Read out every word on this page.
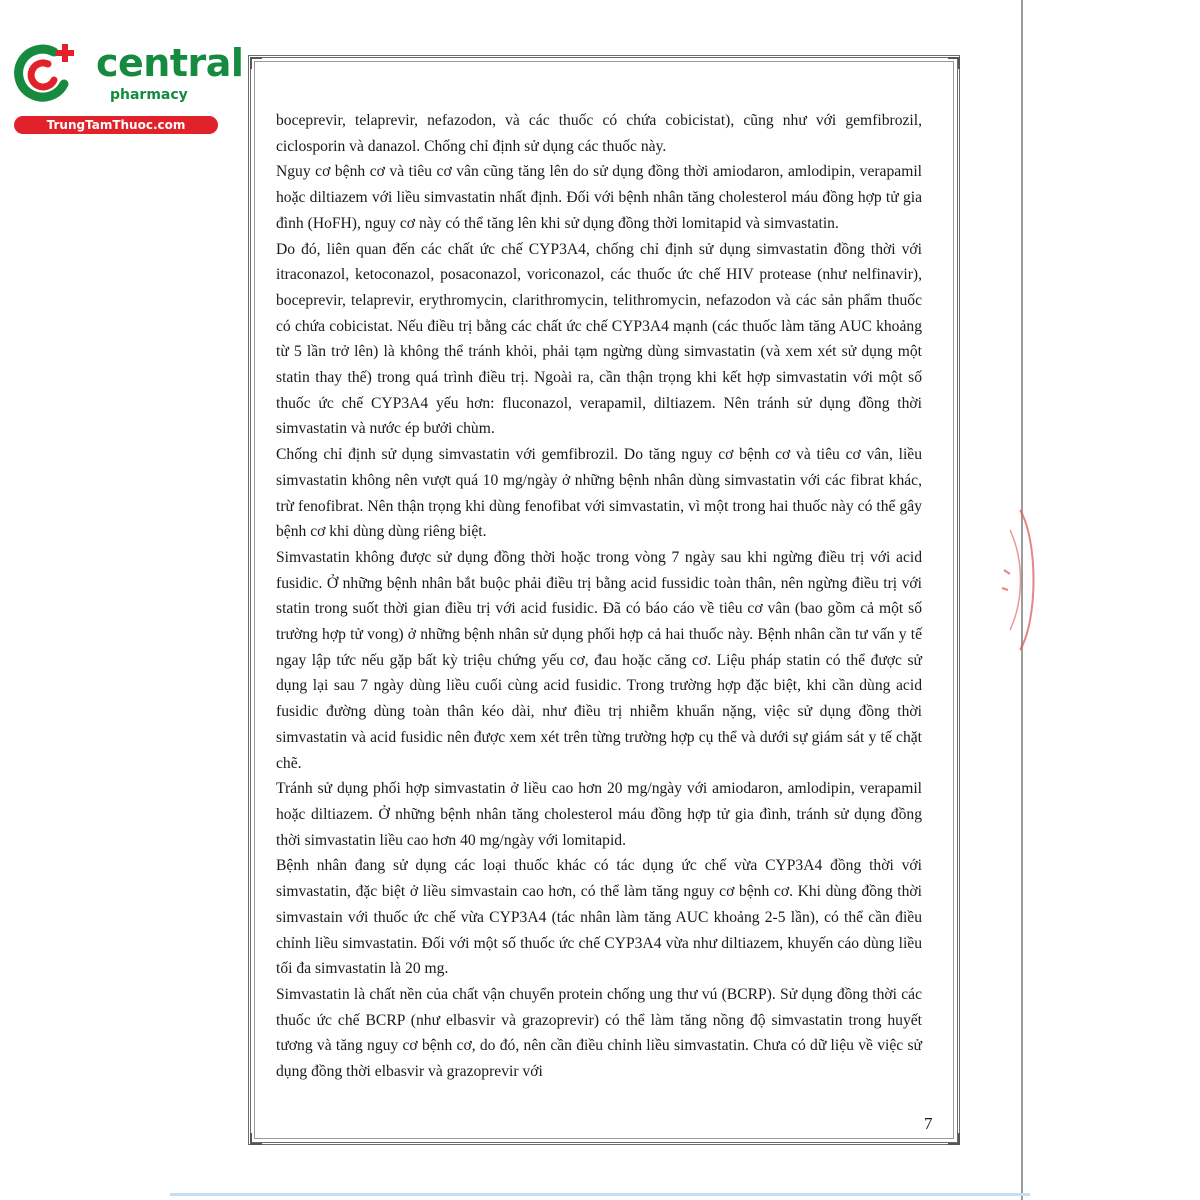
central
pharmacy
TrungTamThuoc.com	boceprevir, telaprevir, nefazodon, và các thuốc có chứa cobicistat), cũng như với gemfibrozil, ciclosporin và danazol. Chống chỉ định sử dụng các thuốc này.

Nguy cơ bệnh cơ và tiêu cơ vân cũng tăng lên do sử dụng đồng thời amiodaron, amlodipin, verapamil hoặc diltiazem với liều simvastatin nhất định. Đối với bệnh nhân tăng cholesterol máu đồng hợp tử gia đình (HoFH), nguy cơ này có thể tăng lên khi sử dụng đồng thời lomitapid và simvastatin.

Do đó, liên quan đến các chất ức chế CYP3A4, chống chỉ định sử dụng simvastatin đồng thời với itraconazol, ketoconazol, posaconazol, voriconazol, các thuốc ức chế HIV protease (như nelfinavir), boceprevir, telaprevir, erythromycin, clarithromycin, telithromycin, nefazodon và các sản phẩm thuốc có chứa cobicistat. Nếu điều trị bằng các chất ức chế CYP3A4 mạnh (các thuốc làm tăng AUC khoảng từ 5 lần trở lên) là không thể tránh khỏi, phải tạm ngừng dùng simvastatin (và xem xét sử dụng một statin thay thế) trong quá trình điều trị. Ngoài ra, cần thận trọng khi kết hợp simvastatin với một số thuốc ức chế CYP3A4 yếu hơn: fluconazol, verapamil, diltiazem. Nên tránh sử dụng đồng thời simvastatin và nước ép bưởi chùm.

Chống chỉ định sử dụng simvastatin với gemfibrozil. Do tăng nguy cơ bệnh cơ và tiêu cơ vân, liều simvastatin không nên vượt quá 10 mg/ngày ở những bệnh nhân dùng simvastatin với các fibrat khác, trừ fenofibrat. Nên thận trọng khi dùng fenofibat với simvastatin, vì một trong hai thuốc này có thể gây bệnh cơ khi dùng dùng riêng biệt.

Simvastatin không được sử dụng đồng thời hoặc trong vòng 7 ngày sau khi ngừng điều trị với acid fusidic. Ở những bệnh nhân bắt buộc phải điều trị bằng acid fussidic toàn thân, nên ngừng điều trị với statin trong suốt thời gian điều trị với acid fusidic. Đã có báo cáo về tiêu cơ vân (bao gồm cả một số trường hợp tử vong) ở những bệnh nhân sử dụng phối hợp cả hai thuốc này. Bệnh nhân cần tư vấn y tế ngay lập tức nếu gặp bất kỳ triệu chứng yếu cơ, đau hoặc căng cơ. Liệu pháp statin có thể được sử dụng lại sau 7 ngày dùng liều cuối cùng acid fusidic. Trong trường hợp đặc biệt, khi cần dùng acid fusidic đường dùng toàn thân kéo dài, như điều trị nhiễm khuẩn nặng, việc sử dụng đồng thời simvastatin và acid fusidic nên được xem xét trên từng trường hợp cụ thể và dưới sự giám sát y tế chặt chẽ.

Tránh sử dụng phối hợp simvastatin ở liều cao hơn 20 mg/ngày với amiodaron, amlodipin, verapamil hoặc diltiazem. Ở những bệnh nhân tăng cholesterol máu đồng hợp tử gia đình, tránh sử dụng đồng thời simvastatin liều cao hơn 40 mg/ngày với lomitapid.

Bệnh nhân đang sử dụng các loại thuốc khác có tác dụng ức chế vừa CYP3A4 đồng thời với simvastatin, đặc biệt ở liều simvastain cao hơn, có thể làm tăng nguy cơ bệnh cơ. Khi dùng đồng thời simvastain với thuốc ức chế vừa CYP3A4 (tác nhân làm tăng AUC khoảng 2-5 lần), có thể cần điều chỉnh liều simvastatin. Đối với một số thuốc ức chế CYP3A4 vừa như diltiazem, khuyến cáo dùng liều tối đa simvastatin là 20 mg.

Simvastatin là chất nền của chất vận chuyển protein chống ung thư vú (BCRP). Sử dụng đồng thời các thuốc ức chế BCRP (như elbasvir và grazoprevir) có thể làm tăng nồng độ simvastatin trong huyết tương và tăng nguy cơ bệnh cơ, do đó, nên cần điều chỉnh liều simvastatin. Chưa có dữ liệu về việc sử dụng đồng thời elbasvir và grazoprevir với

7
